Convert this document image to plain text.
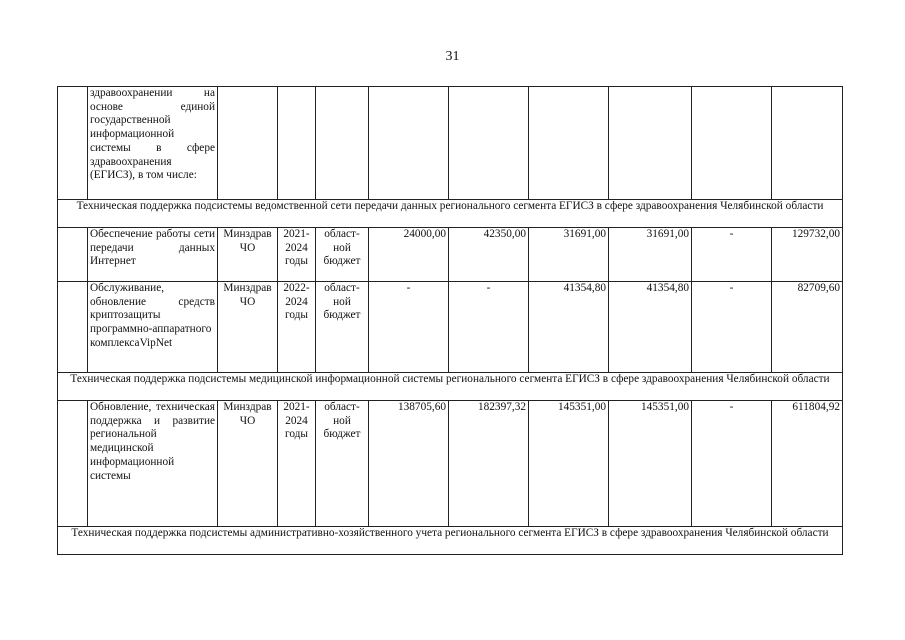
31
	здравоохранении на основе единой государственной информационной системы в сфере здравоохранения (ЕГИСЗ), в том числе:									
Техническая поддержка подсистемы ведомственной сети передачи данных регионального сегмента ЕГИСЗ в сфере здравоохранения Челябинской области										
	Обеспечение работы сети передачи данных Интернет	Минздрав ЧО	2021-2024 годы	област-ной бюджет	24000,00	42350,00	31691,00	31691,00	-	129732,00
	Обслуживание, обновление средств криптозащиты программно-аппаратного комплексаVipNet	Минздрав ЧО	2022-2024 годы	област-ной бюджет	-	-	41354,80	41354,80	-	82709,60
Техническая поддержка подсистемы медицинской информационной системы регионального сегмента ЕГИСЗ в сфере здравоохранения Челябинской области										
	Обновление, техническая поддержка и развитие региональной медицинской информационной системы	Минздрав ЧО	2021-2024 годы	област-ной бюджет	138705,60	182397,32	145351,00	145351,00	-	611804,92
Техническая поддержка подсистемы административно-хозяйственного учета регионального сегмента ЕГИСЗ в сфере здравоохранения Челябинской области										
